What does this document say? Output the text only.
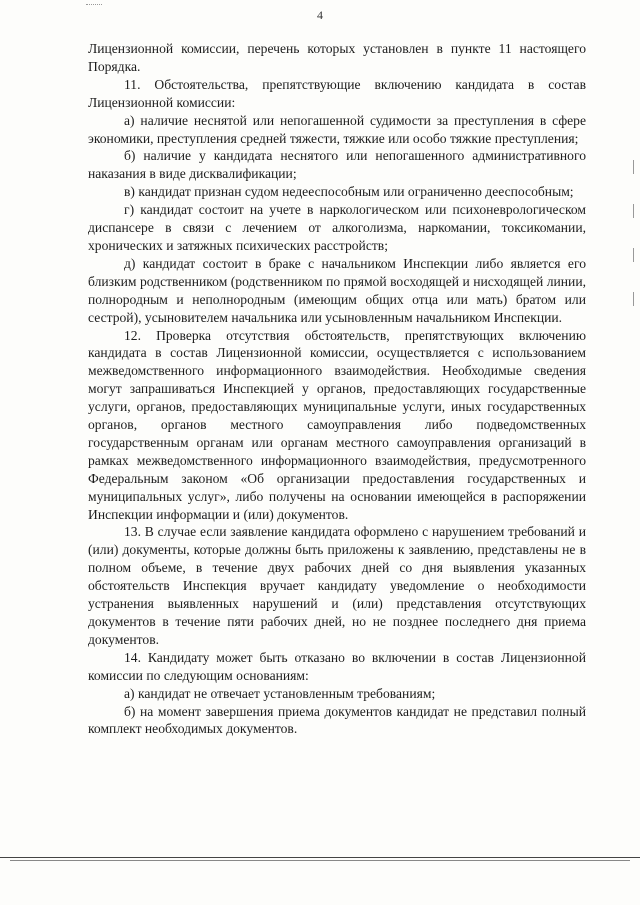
4

Лицензионной комиссии, перечень которых установлен в пункте 11 настоящего Порядка.

11. Обстоятельства, препятствующие включению кандидата в состав Лицензионной комиссии:

а) наличие неснятой или непогашенной судимости за преступления в сфере экономики, преступления средней тяжести, тяжкие или особо тяжкие преступления;

б) наличие у кандидата неснятого или непогашенного административного наказания в виде дисквалификации;

в) кандидат признан судом недееспособным или ограниченно дееспособным;

г) кандидат состоит на учете в наркологическом или психоневрологическом диспансере в связи с лечением от алкоголизма, наркомании, токсикомании, хронических и затяжных психических расстройств;

д) кандидат состоит в браке с начальником Инспекции либо является его близким родственником (родственником по прямой восходящей и нисходящей линии, полнородным и неполнородным (имеющим общих отца или мать) братом или сестрой), усыновителем начальника или усыновленным начальником Инспекции.

12. Проверка отсутствия обстоятельств, препятствующих включению кандидата в состав Лицензионной комиссии, осуществляется с использованием межведомственного информационного взаимодействия. Необходимые сведения могут запрашиваться Инспекцией у органов, предоставляющих государственные услуги, органов, предоставляющих муниципальные услуги, иных государственных органов, органов местного самоуправления либо подведомственных государственным органам или органам местного самоуправления организаций в рамках межведомственного информационного взаимодействия, предусмотренного Федеральным законом «Об организации предоставления государственных и муниципальных услуг», либо получены на основании имеющейся в распоряжении Инспекции информации и (или) документов.

13. В случае если заявление кандидата оформлено с нарушением требований и (или) документы, которые должны быть приложены к заявлению, представлены не в полном объеме, в течение двух рабочих дней со дня выявления указанных обстоятельств Инспекция вручает кандидату уведомление о необходимости устранения выявленных нарушений и (или) представления отсутствующих документов в течение пяти рабочих дней, но не позднее последнего дня приема документов.

14. Кандидату может быть отказано во включении в состав Лицензионной комиссии по следующим основаниям:

а) кандидат не отвечает установленным требованиям;

б) на момент завершения приема документов кандидат не представил полный комплект необходимых документов.
